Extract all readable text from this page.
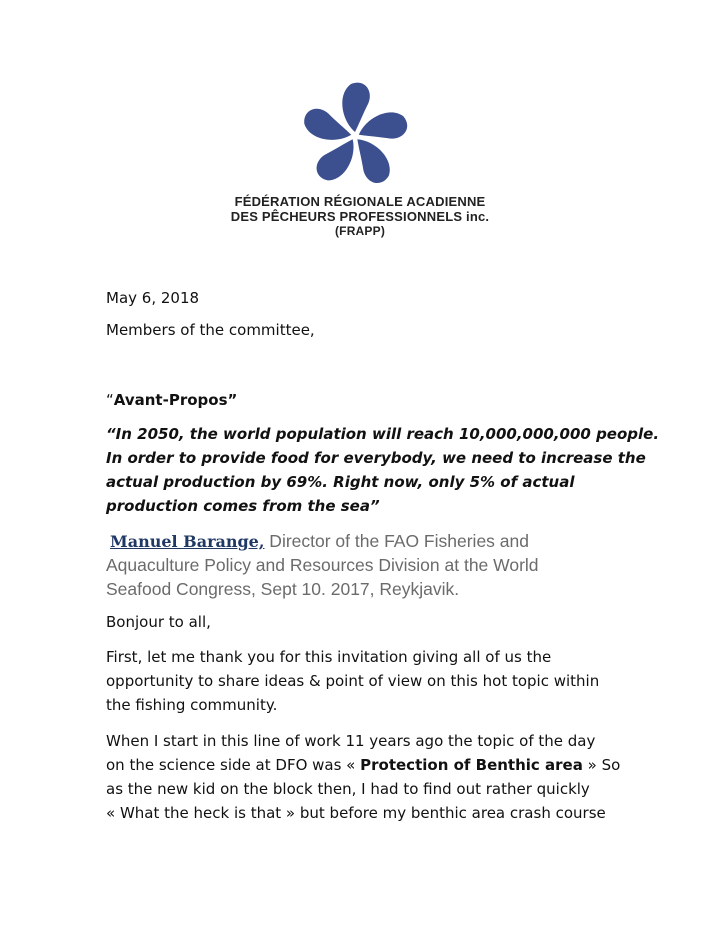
FÉDÉRATION RÉGIONALE ACADIENNE
DES PÊCHEURS PROFESSIONNELS inc.
(FRAPP)
May 6, 2018
Members of the committee,
“Avant-Propos”
“In 2050, the world population will reach 10,000,000,000 people.
In order to provide food for everybody, we need to increase the
actual production by 69%. Right now, only 5% of actual
production comes from the sea”
Manuel Barange, Director of the FAO Fisheries and
Aquaculture Policy and Resources Division at the World
Seafood Congress, Sept 10. 2017, Reykjavik.
Bonjour to all,
First, let me thank you for this invitation giving all of us the
opportunity to share ideas & point of view on this hot topic within
the fishing community.
When I start in this line of work 11 years ago the topic of the day
on the science side at DFO was « Protection of Benthic area » So
as the new kid on the block then, I had to find out rather quickly
« What the heck is that » but before my benthic area crash course
